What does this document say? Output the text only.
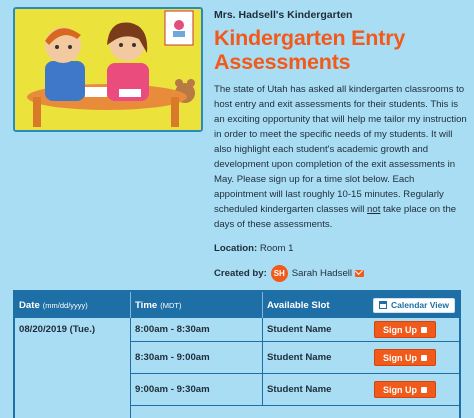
Mrs. Hadsell's Kindergarten
Kindergarten Entry Assessments
The state of Utah has asked all kindergarten classrooms to host entry and exit assessments for their students. This is an exciting opportunity that will help me tailor my instruction in order to meet the specific needs of my students. It will also highlight each student's academic growth and development upon completion of the exit assessments in May. Please sign up for a time slot below. Each appointment will last roughly 10-15 minutes. Regularly scheduled kindergarten classes will not take place on the days of these assessments.
Location: Room 1
Created by: SH Sarah Hadsell
Date (mm/dd/yyyy)	Time (MDT)	Available Slot	Calendar View
08/20/2019 (Tue.)	8:00am - 8:30am	Student Name	Sign Up
8:30am - 9:00am	Student Name	Sign Up
9:00am - 9:30am	Student Name	Sign Up
